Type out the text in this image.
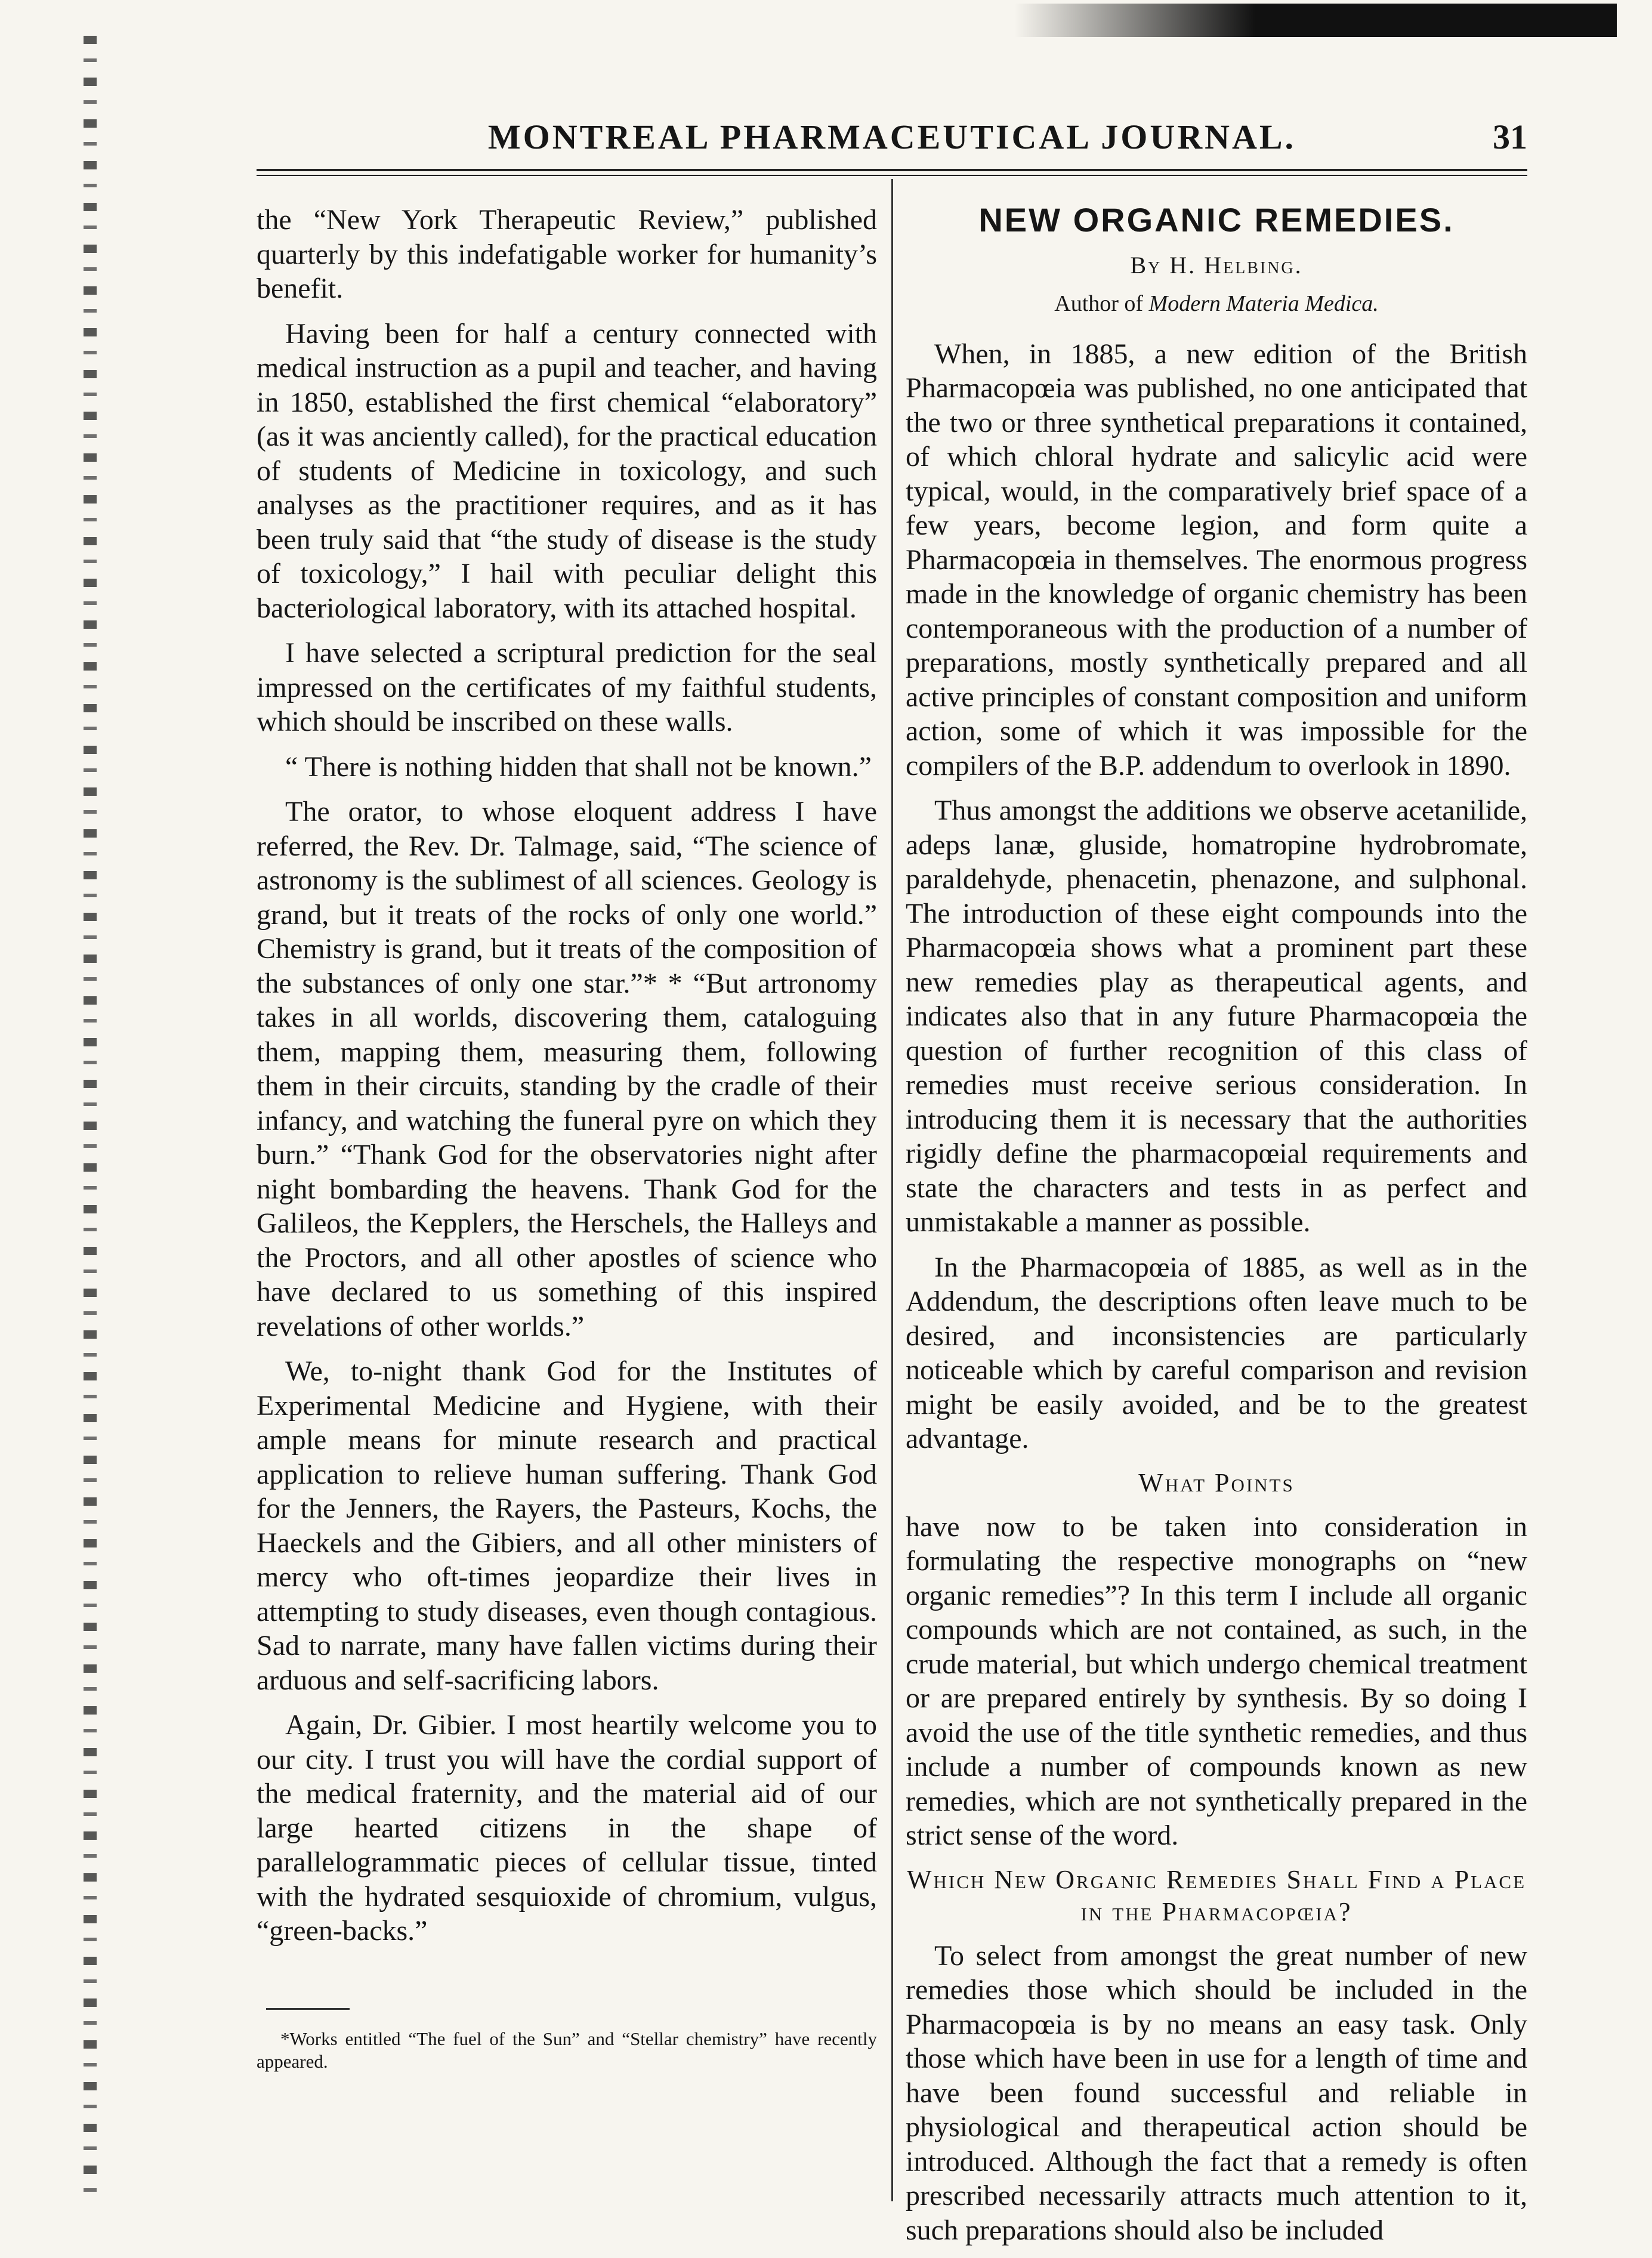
MONTREAL PHARMACEUTICAL JOURNAL.	31

the “New York Therapeutic Review,” published quarterly by this indefatigable worker for humanity’s benefit.

Having been for half a century connected with medical instruction as a pupil and teacher, and having in 1850, established the first chemical “elaboratory” (as it was anciently called), for the practical education of students of Medicine in toxicology, and such analyses as the practitioner requires, and as it has been truly said that “the study of disease is the study of toxicology,” I hail with peculiar delight this bacteriological laboratory, with its attached hospital.

I have selected a scriptural prediction for the seal impressed on the certificates of my faithful students, which should be inscribed on these walls.

“ There is nothing hidden that shall not be known.”

The orator, to whose eloquent address I have referred, the Rev. Dr. Talmage, said, “The science of astronomy is the sublimest of all sciences. Geology is grand, but it treats of the rocks of only one world.” Chemistry is grand, but it treats of the composition of the substances of only one star.”* * “But artronomy takes in all worlds, discovering them, cataloguing them, mapping them, measuring them, following them in their circuits, standing by the cradle of their infancy, and watching the funeral pyre on which they burn.” “Thank God for the observatories night after night bombarding the heavens. Thank God for the Galileos, the Kepplers, the Herschels, the Halleys and the Proctors, and all other apostles of science who have declared to us something of this inspired revelations of other worlds.”

We, to-night thank God for the Institutes of Experimental Medicine and Hygiene, with their ample means for minute research and practical application to relieve human suffering. Thank God for the Jenners, the Rayers, the Pasteurs, Kochs, the Haeckels and the Gibiers, and all other ministers of mercy who oft-times jeopardize their lives in attempting to study diseases, even though contagious. Sad to narrate, many have fallen victims during their arduous and self-sacrificing labors.

Again, Dr. Gibier. I most heartily welcome you to our city. I trust you will have the cordial support of the medical fraternity, and the material aid of our large hearted citizens in the shape of parallelogrammatic pieces of cellular tissue, tinted with the hydrated sesquioxide of chromium, vulgus, “green-backs.”

*Works entitled “The fuel of the Sun” and “Stellar chemistry” have recently appeared.
NEW ORGANIC REMEDIES.
By H. Helbing.
Author of Modern Materia Medica.

When, in 1885, a new edition of the British Pharmacopœia was published, no one anticipated that the two or three synthetical preparations it contained, of which chloral hydrate and salicylic acid were typical, would, in the comparatively brief space of a few years, become legion, and form quite a Pharmacopœia in themselves. The enormous progress made in the knowledge of organic chemistry has been contemporaneous with the production of a number of preparations, mostly synthetically prepared and all active principles of constant composition and uniform action, some of which it was impossible for the compilers of the B.P. addendum to overlook in 1890.

Thus amongst the additions we observe acetanilide, adeps lanæ, gluside, homatropine hydrobromate, paraldehyde, phenacetin, phenazone, and sulphonal. The introduction of these eight compounds into the Pharmacopœia shows what a prominent part these new remedies play as therapeutical agents, and indicates also that in any future Pharmacopœia the question of further recognition of this class of remedies must receive serious consideration. In introducing them it is necessary that the authorities rigidly define the pharmacopœial requirements and state the characters and tests in as perfect and unmistakable a manner as possible.

In the Pharmacopœia of 1885, as well as in the Addendum, the descriptions often leave much to be desired, and inconsistencies are particularly noticeable which by careful comparison and revision might be easily avoided, and be to the greatest advantage.

What Points

have now to be taken into consideration in formulating the respective monographs on “new organic remedies”? In this term I include all organic compounds which are not contained, as such, in the crude material, but which undergo chemical treatment or are prepared entirely by synthesis. By so doing I avoid the use of the title synthetic remedies, and thus include a number of compounds known as new remedies, which are not synthetically prepared in the strict sense of the word.

Which New Organic Remedies Shall Find a Place in the Pharmacopœia?

To select from amongst the great number of new remedies those which should be included in the Pharmacopœia is by no means an easy task. Only those which have been in use for a length of time and have been found successful and reliable in physiological and therapeutical action should be introduced. Although the fact that a remedy is often prescribed necessarily attracts much attention to it, such preparations should also be included
